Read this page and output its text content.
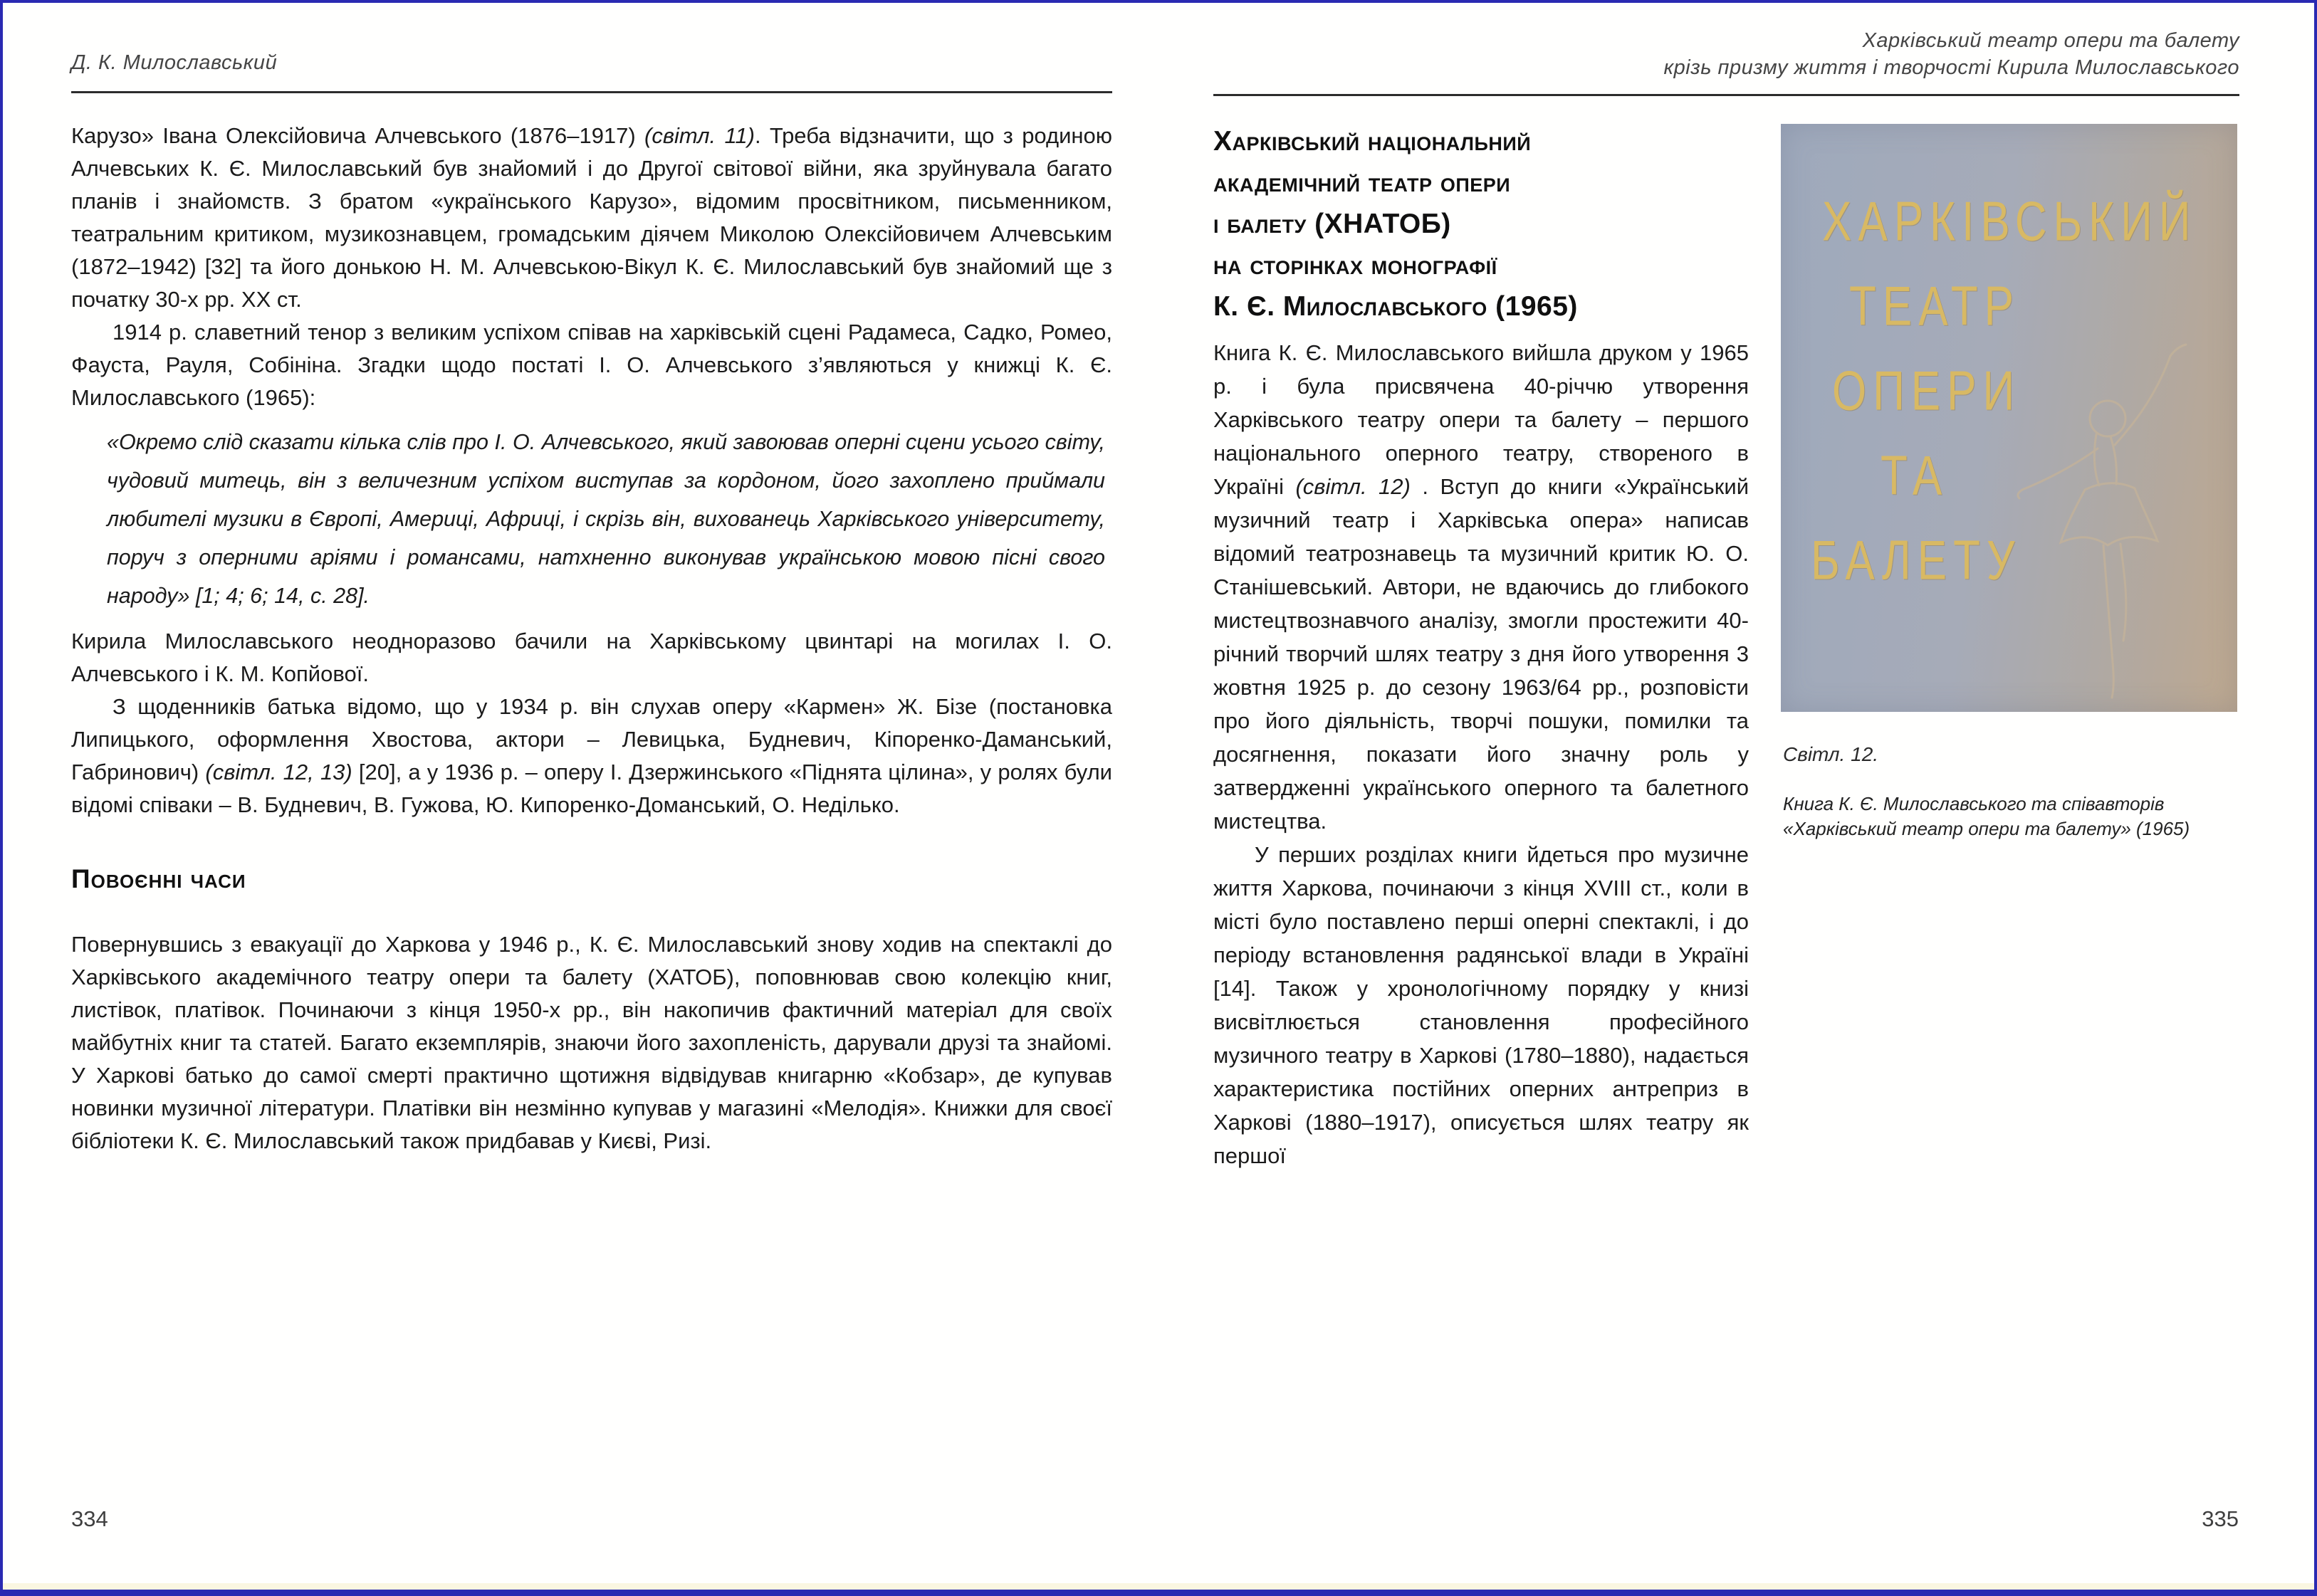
Д. К. Милославський

Карузо» Івана Олексійовича Алчевського (1876–1917) (світл. 11). Треба відзначити, що з родиною Алчевських К. Є. Милославський був знайомий і до Другої світової війни, яка зруйнувала багато планів і знайомств. З братом «українського Карузо», відомим просвітником, письменником, театральним критиком, музикознавцем, громадським діячем Миколою Олексійовичем Алчевським (1872–1942) [32] та його донькою Н. М. Алчевською-Вікул К. Є. Милославський був знайомий ще з початку 30-х рр. ХХ ст.

1914 р. славетний тенор з великим успіхом співав на харківській сцені Радамеса, Садко, Ромео, Фауста, Рауля, Собініна. Згадки щодо постаті І. О. Алчевського з’являються у книжці К. Є. Милославського (1965):

«Окремо слід сказати кілька слів про І. О. Алчевського, який завоював оперні сцени усього світу, чудовий митець, він з величезним успіхом виступав за кордоном, його захоплено приймали любителі музики в Європі, Америці, Африці, і скрізь він, вихованець Харківського університету, поруч з оперними аріями і романсами, натхненно виконував українською мовою пісні свого народу» [1; 4; 6; 14, с. 28].

Кирила Милославського неодноразово бачили на Харківському цвинтарі на могилах І. О. Алчевського і К. М. Копйової.

З щоденників батька відомо, що у 1934 р. він слухав оперу «Кармен» Ж. Бізе (постановка Липицького, оформлення Хвостова, актори – Левицька, Будневич, Кіпоренко-Даманський, Габринович) (світл. 12, 13) [20], а у 1936 р. – оперу І. Дзержинського «Піднята цілина», у ролях були відомі співаки – В. Будневич, В. Гужова, Ю. Кипоренко-Доманський, О. Неділько.

Повоєнні часи

Повернувшись з евакуації до Харкова у 1946 р., К. Є. Милославський знову ходив на спектаклі до Харківського академічного театру опери та балету (ХАТОБ), поповнював свою колекцію книг, листівок, платівок. Починаючи з кінця 1950-х рр., він накопичив фактичний матеріал для своїх майбутніх книг та статей. Багато екземплярів, знаючи його захопленість, дарували друзі та знайомі. У Харкові батько до самої смерті практично щотижня відвідував книгарню «Кобзар», де купував новинки музичної літератури. Платівки він незмінно купував у магазині «Мелодія». Книжки для своєї бібліотеки К. Є. Милославський також придбавав у Києві, Ризі.

334
Харківський театр опери та балету
крізь призму життя і творчості Кирила Милославського
Харківський національний
академічний театр опери
і балету (ХНАТОБ)
на сторінках монографії
К. Є. Милославського (1965)

Книга К. Є. Милославського вийшла друком у 1965 р. і була присвячена 40-річчю утворення Харківського театру опери та балету – першого національного оперного театру, створеного в Україні (світл. 12) . Вступ до книги «Український музичний театр і Харківська опера» написав відомий театрознавець та музичний критик Ю. О. Станішевський. Автори, не вдаючись до глибокого мистецтвознавчого аналізу, змогли простежити 40-річний творчий шлях театру з дня його утворення 3 жовтня 1925 р. до сезону 1963/64 рр., розповісти про його діяльність, творчі пошуки, помилки та досягнення, показати його значну роль у затвердженні українського оперного та балетного мистецтва.

У перших розділах книги йдеться про музичне життя Харкова, починаючи з кінця XVIII ст., коли в місті було поставлено перші оперні спектаклі, і до періоду встановлення радянської влади в Україні [14]. Також у хронологічному порядку у книзі висвітлюється становлення професійного музичного театру в Харкові (1780–1880), надається характеристика постійних оперних антреприз в Харкові (1880–1917), описується шлях театру як першої

ХАРКІВСЬКИЙ
ТЕАТР
ОПЕРИ
ТА
БАЛЕТУ
Світл. 12.
Книга К. Є. Милославського та співавторів «Харківський театр опери та балету» (1965)
335
